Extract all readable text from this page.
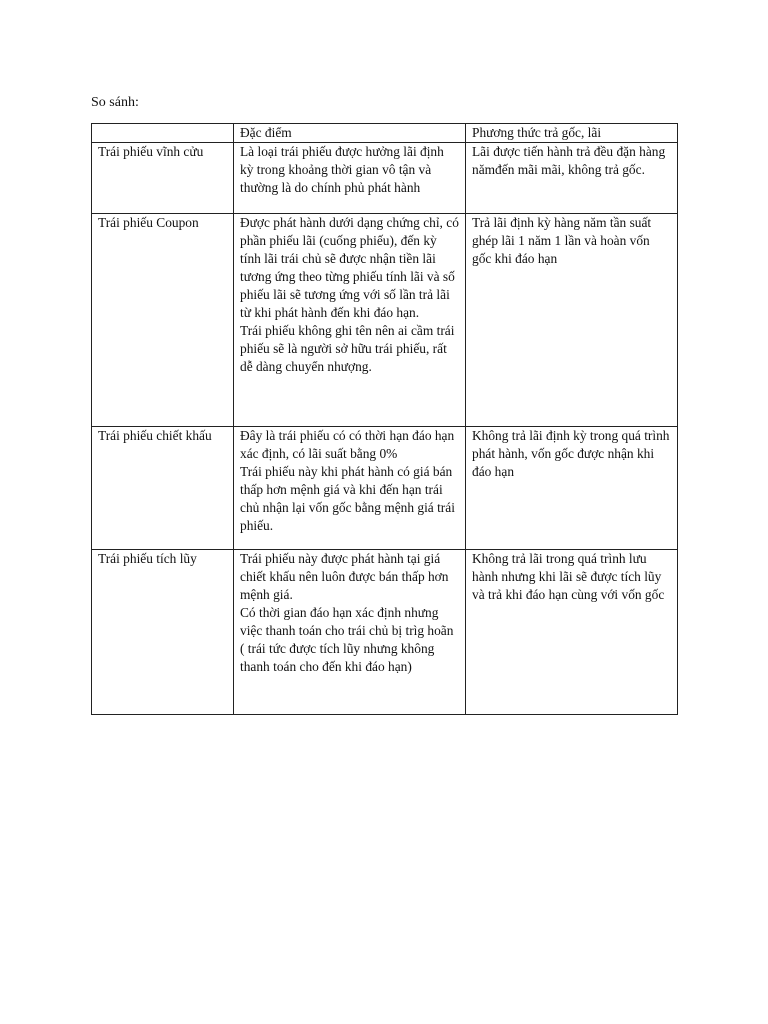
So sánh:
	Đặc điểm	Phương thức trả gốc, lãi

Trái phiếu vĩnh cửu	Là loại trái phiếu được hưởng lãi định kỳ trong khoảng thời gian vô tận và thường là do chính phủ phát hành	Lãi được tiến hành trả đều đặn hàng nămđến mãi mãi, không trả gốc.

Trái phiếu Coupon	Được phát hành dưới dạng chứng chỉ, có phần phiếu lãi (cuống phiếu), đến kỳ tính lãi trái chủ sẽ được nhận tiền lãi tương ứng theo từng phiếu tính lãi và số phiếu lãi sẽ tương ứng với số lần trả lãi từ khi phát hành đến khi đáo hạn.
Trái phiếu không ghi tên nên ai cầm trái phiếu sẽ là người sở hữu trái phiếu, rất dễ dàng chuyển nhượng.	Trả lãi định kỳ hàng năm tần suất ghép lãi 1 năm 1 lần và hoàn vốn gốc khi đáo hạn

Trái phiếu chiết khấu	Đây là trái phiếu có có thời hạn đáo hạn xác định, có lãi suất bằng 0%
Trái phiếu này khi phát hành có giá bán thấp hơn mệnh giá và khi đến hạn trái chủ nhận lại vốn gốc bằng mệnh giá trái phiếu.	Không trả lãi định kỳ trong quá trình phát hành, vốn gốc được nhận khi đáo hạn

Trái phiếu tích lũy	Trái phiếu này được phát hành tại giá chiết khấu nên luôn được bán thấp hơn mệnh giá.
Có thời gian đáo hạn xác định nhưng việc thanh toán cho trái chủ bị trìg hoãn ( trái tức được tích lũy nhưng không thanh toán cho đến khi đáo hạn)	Không trả lãi trong quá trình lưu hành nhưng khi lãi sẽ được tích lũy và trả khi đáo hạn cùng với vốn gốc
